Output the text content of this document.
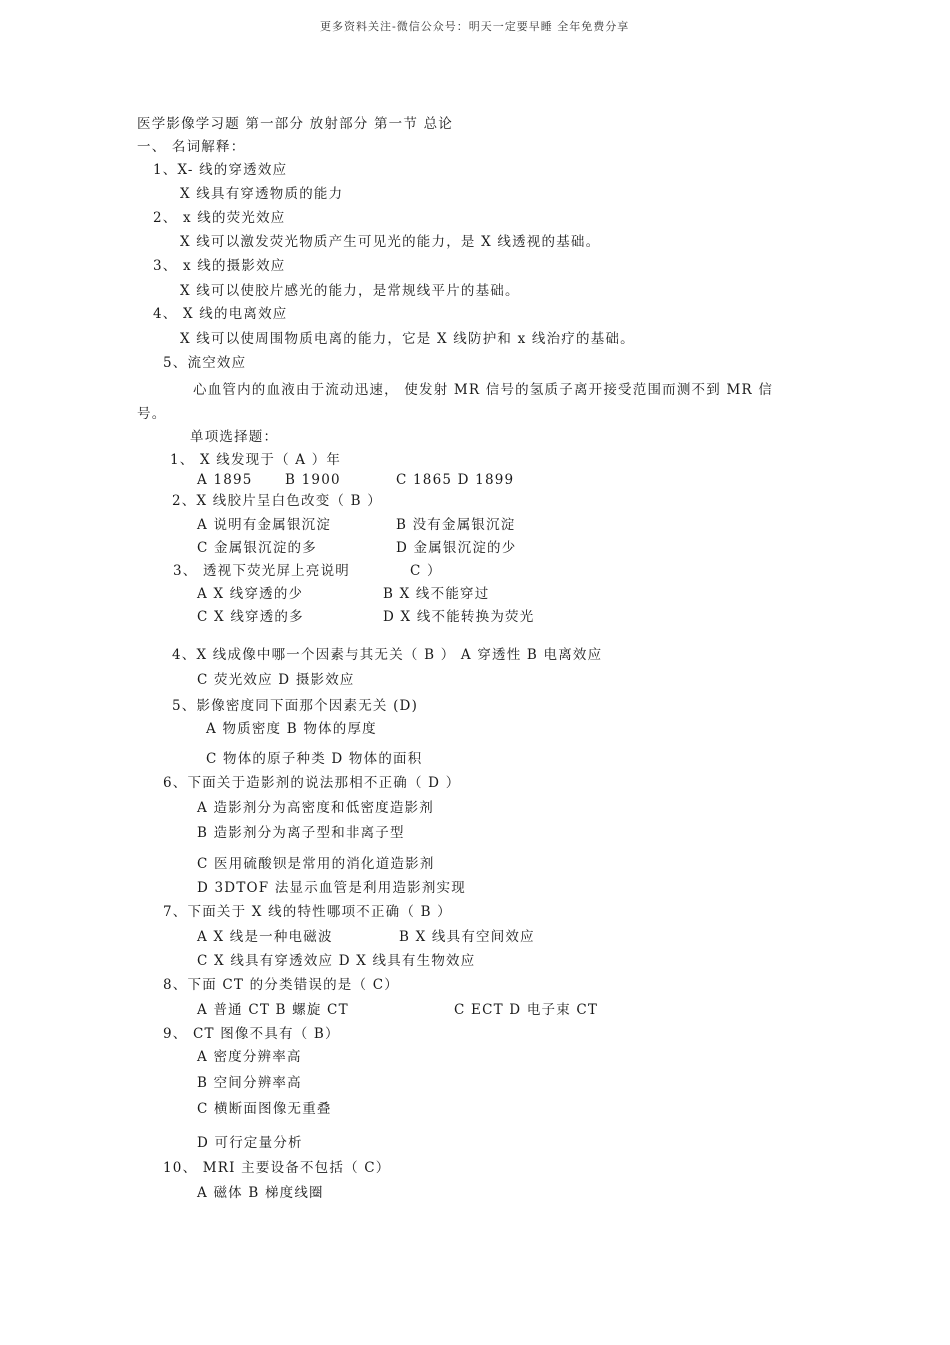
更多资料关注-微信公众号：明天一定要早睡 全年免费分享
医学影像学习题 第一部分 放射部分 第一节 总论
一、 名词解释：
1、X- 线的穿透效应
X 线具有穿透物质的能力
2、 x 线的荧光效应
X 线可以激发荧光物质产生可见光的能力，是 X 线透视的基础。
3、 x 线的摄影效应
X 线可以使胶片感光的能力，是常规线平片的基础。
4、 X 线的电离效应
X 线可以使周围物质电离的能力，它是 X 线防护和 x 线治疗的基础。
5、流空效应
心血管内的血液由于流动迅速， 使发射 MR 信号的氢质子离开接受范围而测不到 MR 信
号。
单项选择题：
1、 X 线发现于（ A ）年
A 1895 B 1900	C 1865 D 1899
2、X 线胶片呈白色改变（ B ）
A 说明有金属银沉淀	B 没有金属银沉淀
C 金属银沉淀的多	D 金属银沉淀的少
3、 透视下荧光屏上亮说明	C ）
A X 线穿透的少	B X 线不能穿过
C X 线穿透的多	D X 线不能转换为荧光
4、X 线成像中哪一个因素与其无关（ B ） A 穿透性 B 电离效应
C 荧光效应 D 摄影效应
5、影像密度同下面那个因素无关 (D)
A 物质密度 B 物体的厚度
C 物体的原子种类 D 物体的面积
6、下面关于造影剂的说法那相不正确（ D ）
A 造影剂分为高密度和低密度造影剂
B 造影剂分为离子型和非离子型
C 医用硫酸钡是常用的消化道造影剂
D 3DTOF 法显示血管是利用造影剂实现
7、下面关于 X 线的特性哪项不正确（ B ）
A X 线是一种电磁波	B X 线具有空间效应
C X 线具有穿透效应 D X 线具有生物效应
8、下面 CT 的分类错误的是（ C）
A 普通 CT B 螺旋 CT	C ECT D 电子束 CT
9、 CT 图像不具有（ B）
A 密度分辨率高
B 空间分辨率高
C 横断面图像无重叠
D 可行定量分析
10、 MRI 主要设备不包括（ C）
A 磁体 B 梯度线圈
